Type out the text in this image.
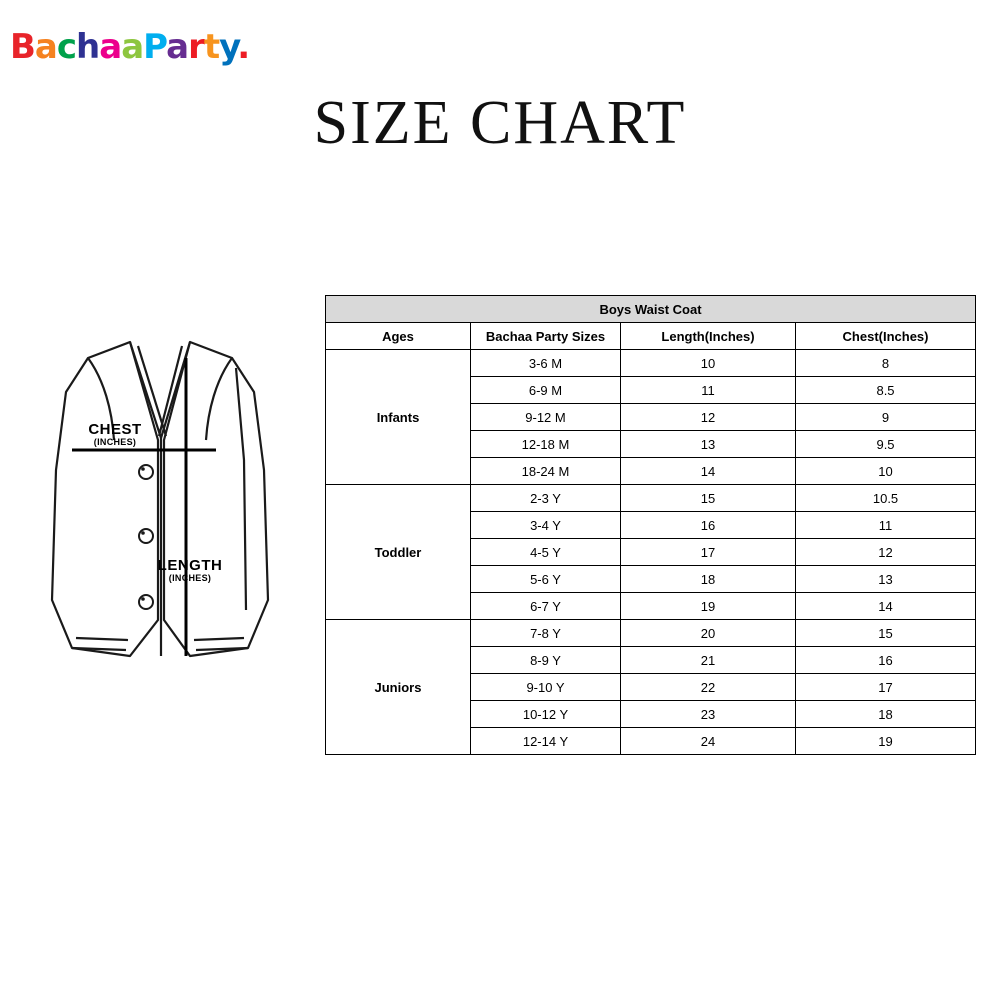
BachaaParty.
SIZE CHART
CHEST
(INCHES)
LENGTH
(INCHES)
Boys Waist Coat			
Ages	Bachaa Party Sizes	Length(Inches)	Chest(Inches)
Infants	3-6 M	10	8
	6-9 M	11	8.5
	9-12 M	12	9
	12-18 M	13	9.5
	18-24 M	14	10
Toddler	2-3 Y	15	10.5
	3-4 Y	16	11
	4-5 Y	17	12
	5-6 Y	18	13
	6-7 Y	19	14
Juniors	7-8 Y	20	15
	8-9 Y	21	16
	9-10 Y	22	17
	10-12 Y	23	18
	12-14 Y	24	19
